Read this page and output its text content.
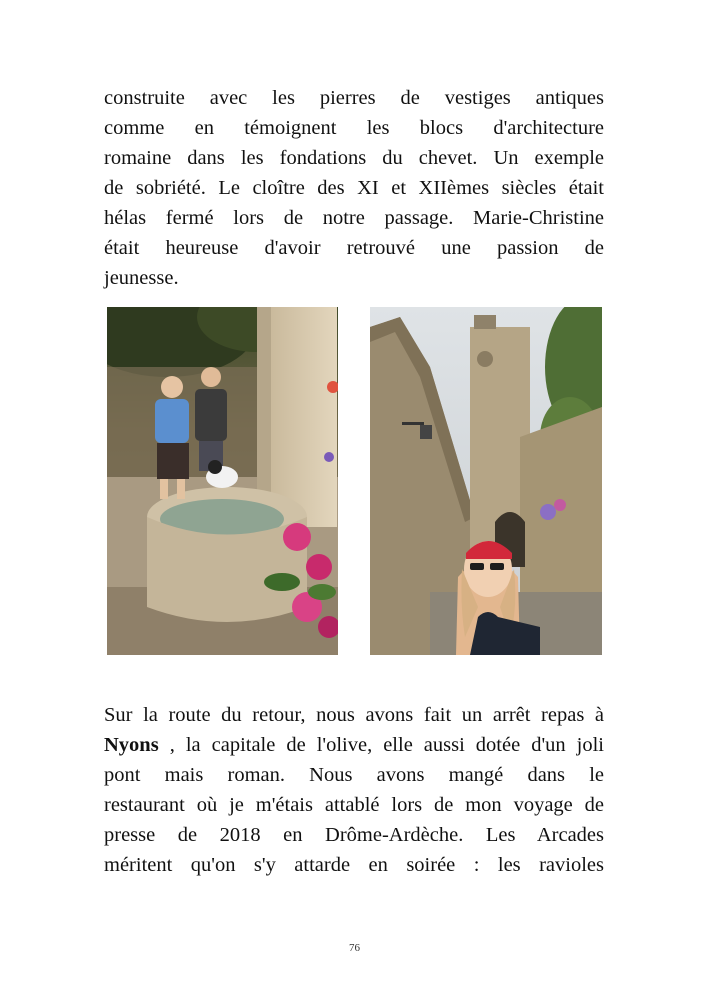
construite avec les pierres de vestiges antiques
comme en témoignent les blocs d'architecture
romaine dans les fondations du chevet. Un exemple
de sobriété. Le cloître des XI et XIIèmes siècles était
hélas fermé lors de notre passage. Marie-Christine
était heureuse d'avoir retrouvé une passion de
jeunesse.
Sur la route du retour, nous avons fait un arrêt repas à
Nyons , la capitale de l'olive, elle aussi dotée d'un joli
pont mais roman. Nous avons mangé dans le
restaurant où je m'étais attablé lors de mon voyage de
presse de 2018 en Drôme-Ardèche. Les Arcades
méritent qu'on s'y attarde en soirée : les ravioles
76
